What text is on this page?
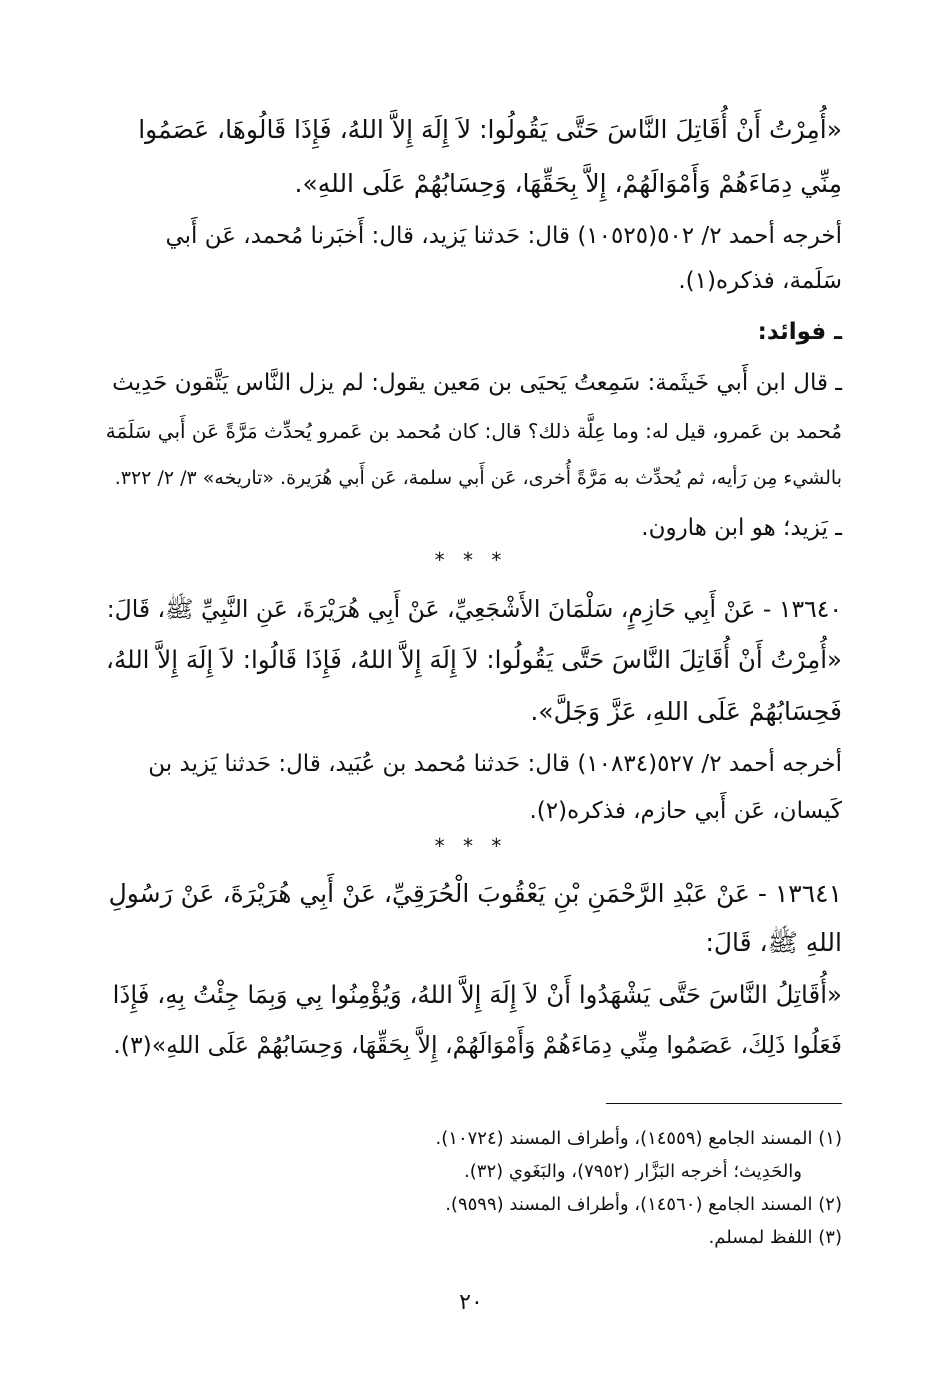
«أُمِرْتُ أَنْ أُقَاتِلَ النَّاسَ حَتَّى يَقُولُوا: لاَ إِلَهَ إِلاَّ اللهُ، فَإِذَا قَالُوهَا، عَصَمُوا
مِنِّي دِمَاءَهُمْ وَأَمْوَالَهُمْ، إِلاَّ بِحَقِّهَا، وَحِسَابُهُمْ عَلَى اللهِ».
أخرجه أحمد ٢/ ٥٠٢(١٠٥٢٥) قال: حَدثنا يَزيد، قال: أَخبَرنا مُحمد، عَن أَبي
سَلَمة، فذكره(١).
ـ فوائد:
ـ قال ابن أَبي خَيثَمة: سَمِعتُ يَحيَى بن مَعين يقول: لم يزل النَّاس يَتَّقون حَدِيث
مُحمد بن عَمرو، قيل له: وما عِلَّة ذلك؟ قال: كان مُحمد بن عَمرو يُحدِّث مَرَّةً عَن أَبي سَلَمَة
بالشيء مِن رَأيه، ثم يُحدِّث به مَرَّةً أُخرى، عَن أَبي سلمة، عَن أَبي هُرَيرة. «تاريخه» ٣/ ٢/ ٣٢٢.
ـ يَزيد؛ هو ابن هارون.
* * *
١٣٦٤٠ - عَنْ أَبِي حَازِمٍ، سَلْمَانَ الأَشْجَعِيِّ، عَنْ أَبِي هُرَيْرَةَ، عَنِ النَّبِيِّ ﷺ، قَالَ:
«أُمِرْتُ أَنْ أُقَاتِلَ النَّاسَ حَتَّى يَقُولُوا: لاَ إِلَهَ إِلاَّ اللهُ، فَإِذَا قَالُوا: لاَ إِلَهَ إِلاَّ اللهُ،
فَحِسَابُهُمْ عَلَى اللهِ، عَزَّ وَجَلَّ».
أخرجه أحمد ٢/ ٥٢٧(١٠٨٣٤) قال: حَدثنا مُحمد بن عُبَيد، قال: حَدثنا يَزيد بن
كَيسان، عَن أَبي حازم، فذكره(٢).
* * *
١٣٦٤١ - عَنْ عَبْدِ الرَّحْمَنِ بْنِ يَعْقُوبَ الْحُرَقِيِّ، عَنْ أَبِي هُرَيْرَةَ، عَنْ رَسُولِ
اللهِ ﷺ، قَالَ:
«أُقَاتِلُ النَّاسَ حَتَّى يَشْهَدُوا أَنْ لاَ إِلَهَ إِلاَّ اللهُ، وَيُؤْمِنُوا بِي وَبِمَا جِئْتُ بِهِ، فَإِذَا
فَعَلُوا ذَلِكَ، عَصَمُوا مِنِّي دِمَاءَهُمْ وَأَمْوَالَهُمْ، إِلاَّ بِحَقِّهَا، وَحِسَابُهُمْ عَلَى اللهِ»(٣).
(١) المسند الجامع (١٤٥٥٩)، وأطراف المسند (١٠٧٢٤).
والحَدِيث؛ أخرجه البَزَّار (٧٩٥٢)، والبَغَوي (٣٢).
(٢) المسند الجامع (١٤٥٦٠)، وأطراف المسند (٩٥٩٩).
(٣) اللفظ لمسلم.
٢٠
